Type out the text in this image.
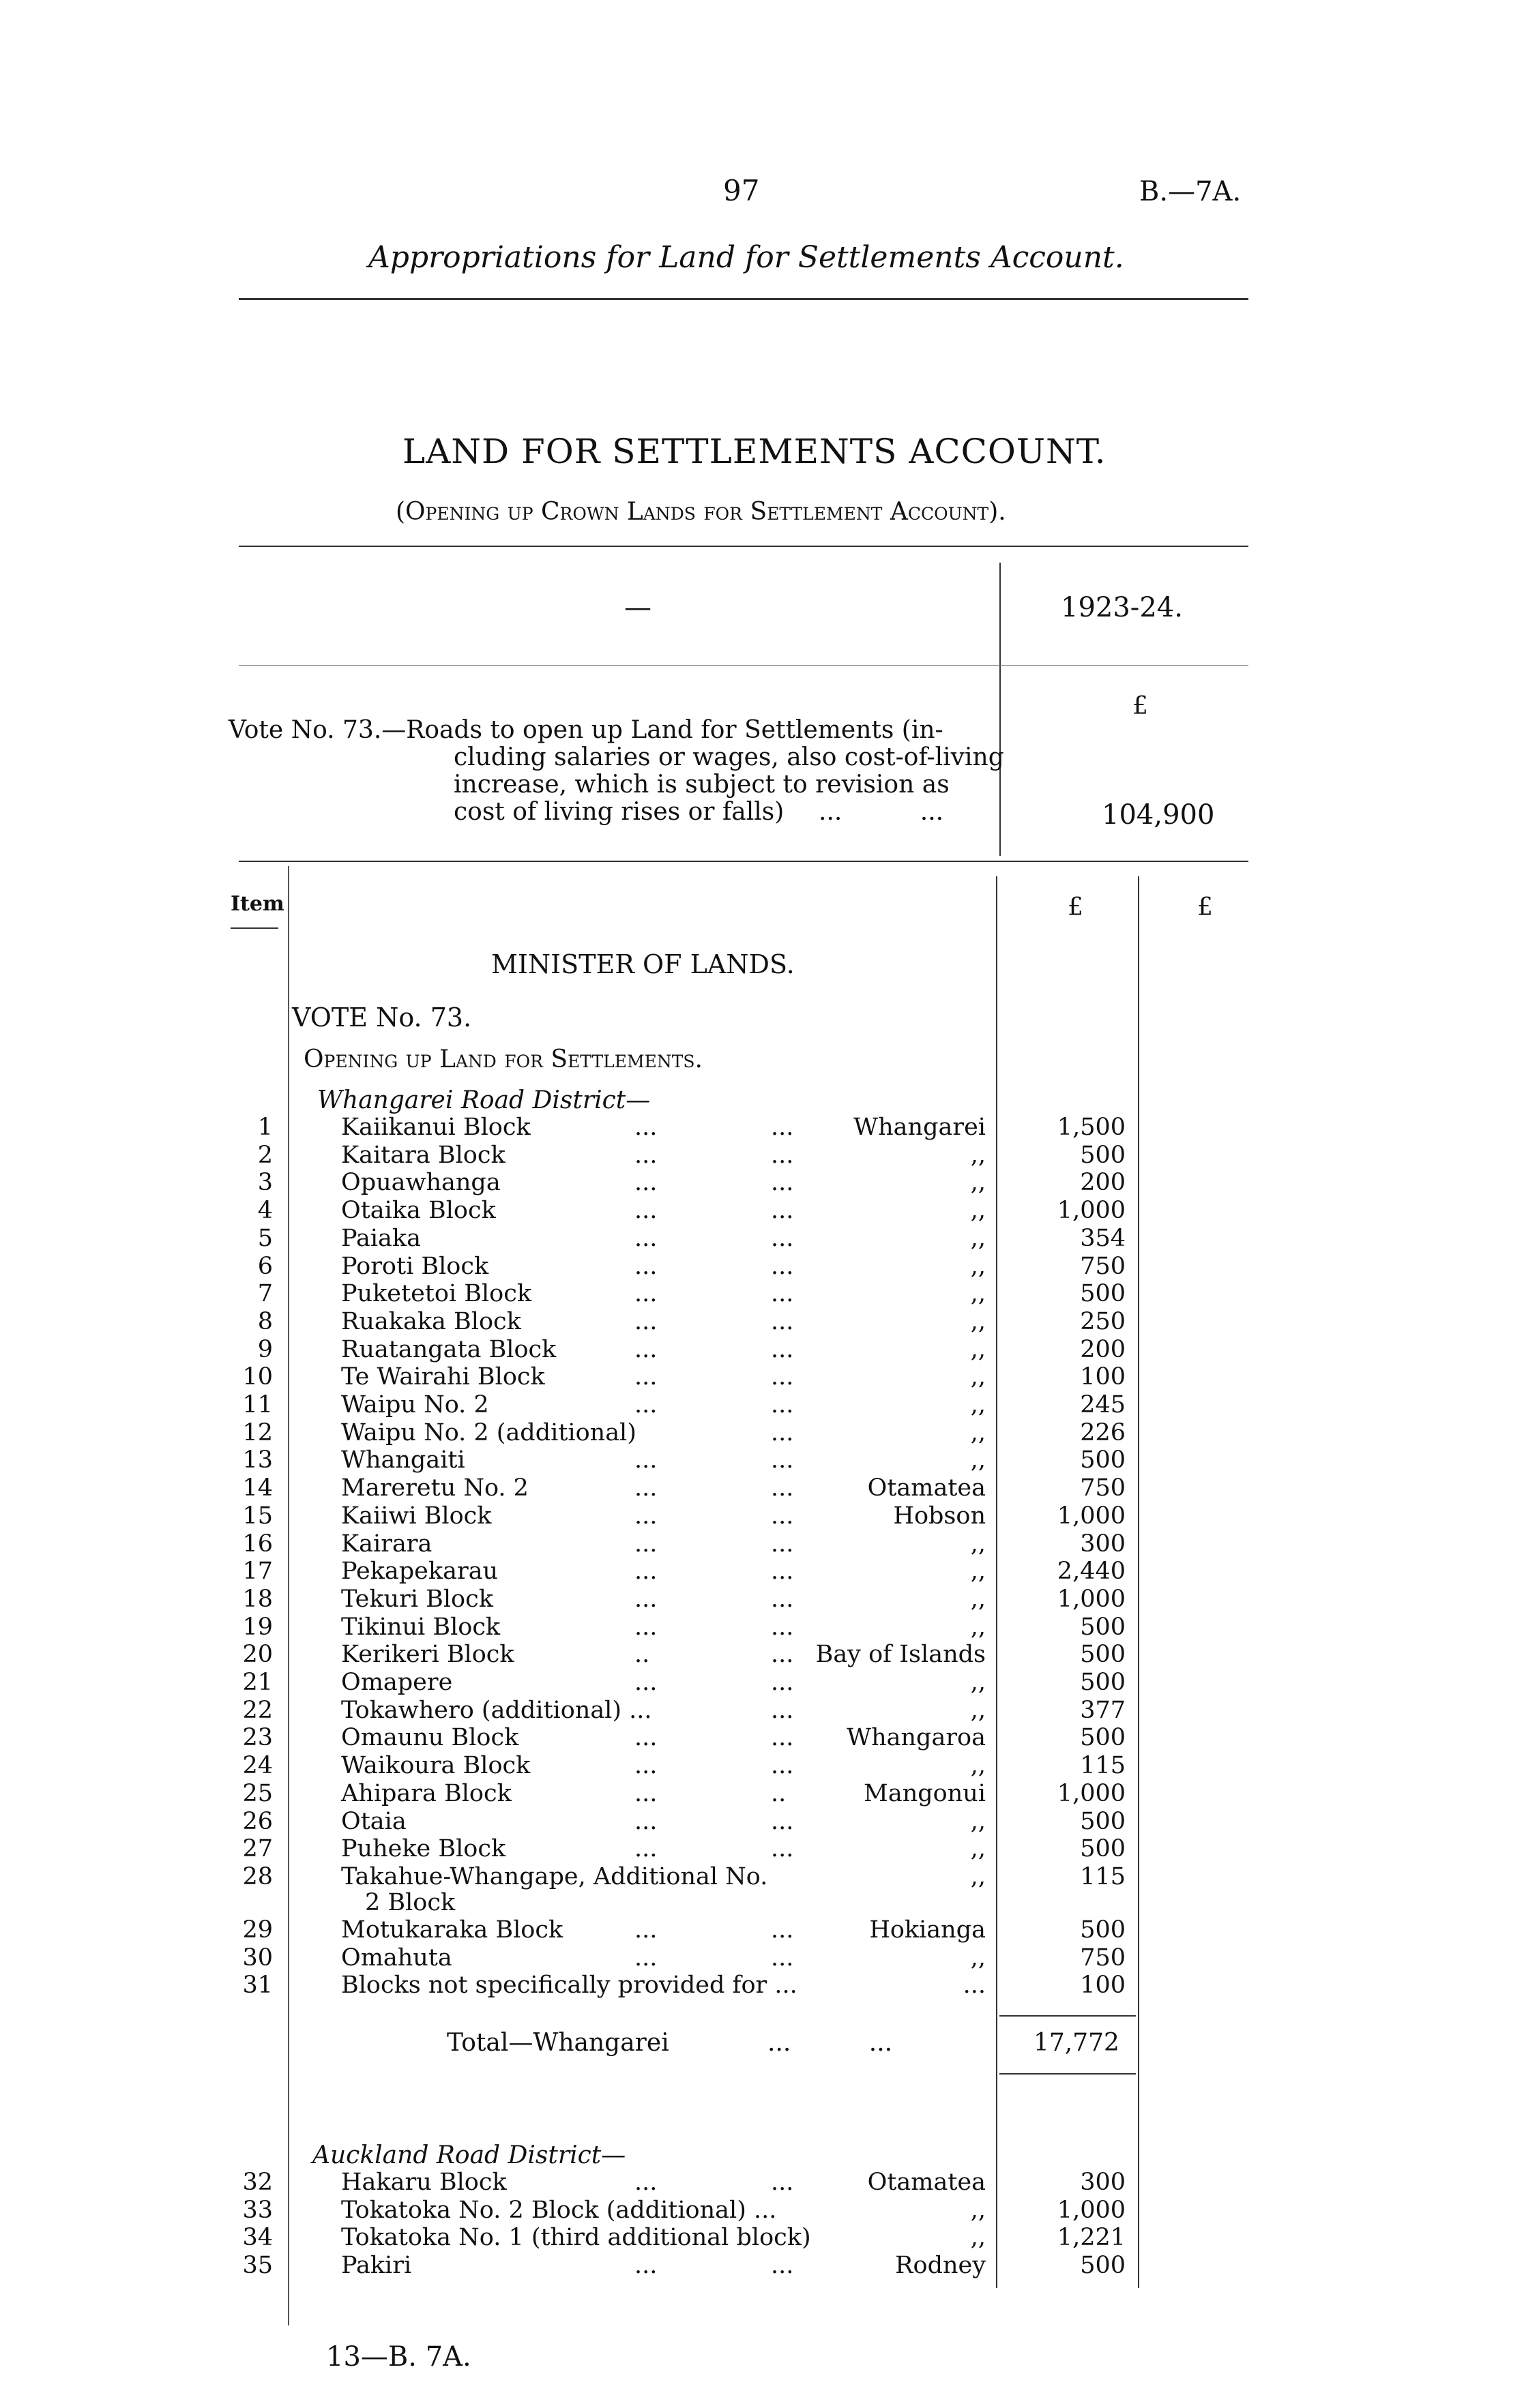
97	B.—7A.
Appropriations for Land for Settlements Account.
LAND FOR SETTLEMENTS ACCOUNT.
(Opening up Crown Lands for Settlement Account).
—	1923-24.
£
Vote No. 73.—Roads to open up Land for Settlements (in-
cluding salaries or wages, also cost-of-living
increase, which is subject to revision as
cost of living rises or falls) ...          ...	104,900
Item	£	£
MINISTER OF LANDS.
VOTE No. 73.
Opening up Land for Settlements.
Whangarei Road District—
1	Kaiikanui Block	...	...	Whangarei	1,500
2	Kaitara Block	...	...	,,	500
3	Opuawhanga	...	...	,,	200
4	Otaika Block	...	...	,,	1,000
5	Paiaka	...	...	,,	354
6	Poroti Block	...	...	,,	750
7	Puketetoi Block	...	...	,,	500
8	Ruakaka Block	...	...	,,	250
9	Ruatangata Block	...	...	,,	200
10	Te Wairahi Block	...	...	,,	100
11	Waipu No. 2	...	...	,,	245
12	Waipu No. 2 (additional)	...	,,	226
13	Whangaiti	...	...	,,	500
14	Mareretu No. 2	...	...	Otamatea	750
15	Kaiiwi Block	...	...	Hobson	1,000
16	Kairara	...	...	,,	300
17	Pekapekarau	...	...	,,	2,440
18	Tekuri Block	...	...	,,	1,000
19	Tikinui Block	...	...	,,	500
20	Kerikeri Block	..	... Bay of Islands	500
21	Omapere	...	...	,,	500
22	Tokawhero (additional) ...	...	,,	377
23	Omaunu Block	...	...	Whangaroa	500
24	Waikoura Block	...	...	,,	115
25	Ahipara Block	...	..	Mangonui	1,000
26	Otaia	...	...	,,	500
27	Puheke Block	...	...	,,	500
28	Takahue-Whangape, Additional No.	,,	115
2 Block
29	Motukaraka Block	...	...	Hokianga	500
30	Omahuta	...	...	,,	750
31	Blocks not specifically provided for ...	...	100
Total—Whangarei	...          ...	17,772
Auckland Road District—
32	Hakaru Block	...	...	Otamatea	300
33	Tokatoka No. 2 Block (additional) ...	,,	1,000
34	Tokatoka No. 1 (third additional block)	,,	1,221
35	Pakiri	...	...	Rodney	500
13—B. 7A.
